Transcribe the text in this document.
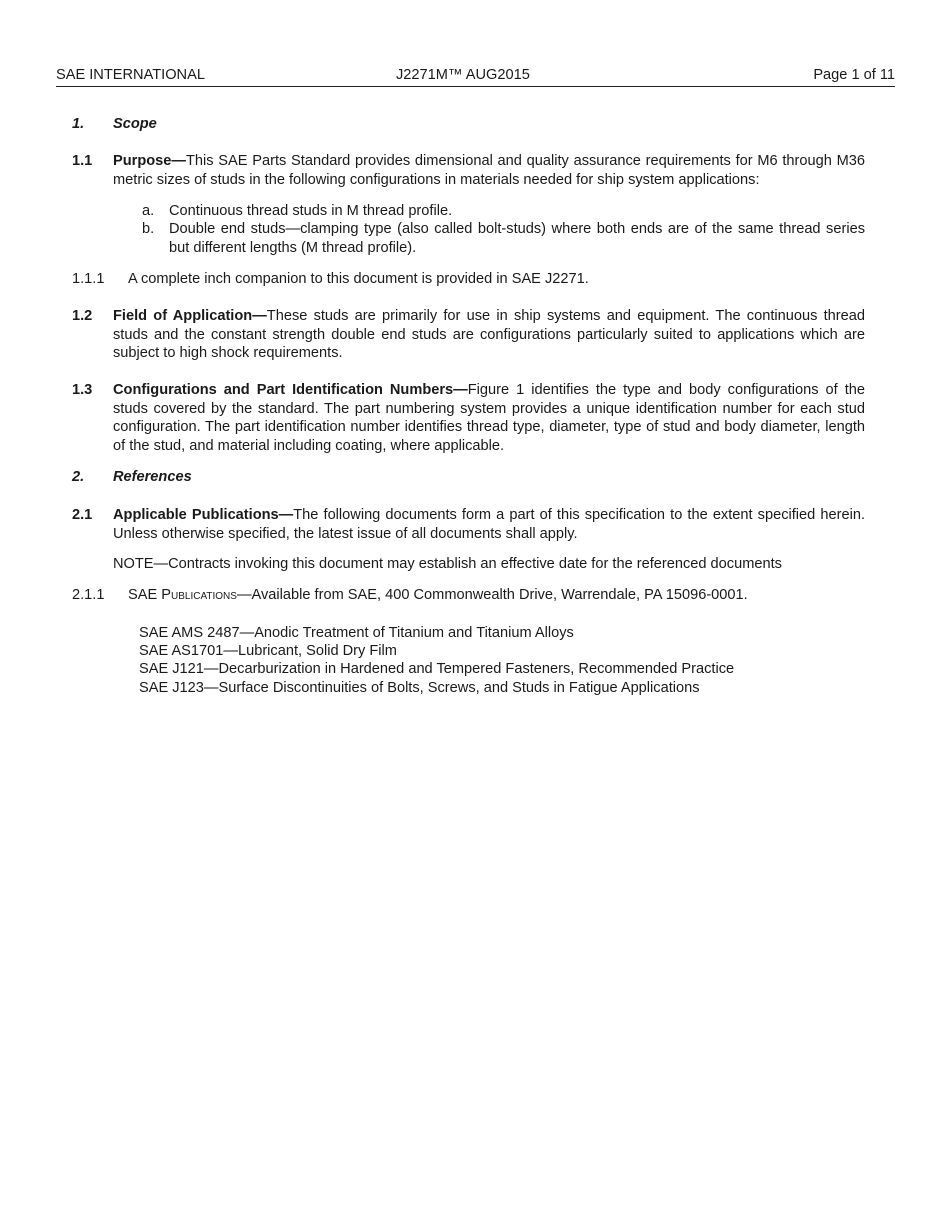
SAE INTERNATIONAL	J2271M™ AUG2015	Page 1 of 11
1. Scope
1.1 Purpose—This SAE Parts Standard provides dimensional and quality assurance requirements for M6 through M36 metric sizes of studs in the following configurations in materials needed for ship system applications:
a. Continuous thread studs in M thread profile.
b. Double end studs—clamping type (also called bolt-studs) where both ends are of the same thread series but different lengths (M thread profile).
1.1.1 A complete inch companion to this document is provided in SAE J2271.
1.2 Field of Application—These studs are primarily for use in ship systems and equipment. The continuous thread studs and the constant strength double end studs are configurations particularly suited to applications which are subject to high shock requirements.
1.3 Configurations and Part Identification Numbers—Figure 1 identifies the type and body configurations of the studs covered by the standard. The part numbering system provides a unique identification number for each stud configuration. The part identification number identifies thread type, diameter, type of stud and body diameter, length of the stud, and material including coating, where applicable.
2. References
2.1 Applicable Publications—The following documents form a part of this specification to the extent specified herein. Unless otherwise specified, the latest issue of all documents shall apply.
NOTE—Contracts invoking this document may establish an effective date for the referenced documents
2.1.1 SAE Publications—Available from SAE, 400 Commonwealth Drive, Warrendale, PA 15096-0001.
SAE AMS 2487—Anodic Treatment of Titanium and Titanium Alloys
SAE AS1701—Lubricant, Solid Dry Film
SAE J121—Decarburization in Hardened and Tempered Fasteners, Recommended Practice
SAE J123—Surface Discontinuities of Bolts, Screws, and Studs in Fatigue Applications
